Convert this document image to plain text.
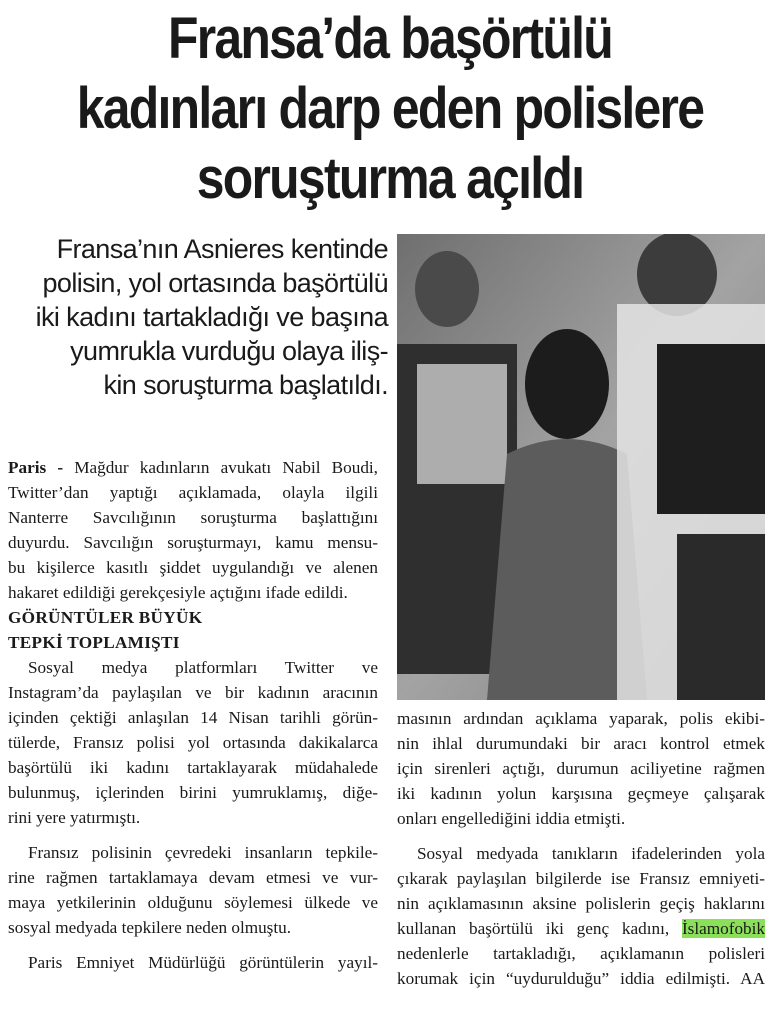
Fransa’da başörtülü
kadınları darp eden polislere
soruşturma açıldı
Fransa’nın Asnieres kentinde
polisin, yol ortasında başörtülü
iki kadını tartakladığı ve başına
yumrukla vurduğu olaya iliş-
kin soruşturma başlatıldı.
Paris - Mağdur kadınların avukatı Nabil Boudi,
Twitter’dan yaptığı açıklamada, olayla ilgili
Nanterre Savcılığının soruşturma başlattığını
duyurdu. Savcılığın soruşturmayı, kamu mensu-
bu kişilerce kasıtlı şiddet uygulandığı ve alenen
hakaret edildiği gerekçesiyle açtığını ifade edildi.
GÖRÜNTÜLER BÜYÜK
TEPKİ TOPLAMIŞTI
Sosyal medya platformları Twitter ve
Instagram’da paylaşılan ve bir kadının aracının
içinden çektiği anlaşılan 14 Nisan tarihli görün-
tülerde, Fransız polisi yol ortasında dakikalarca
başörtülü iki kadını tartaklayarak müdahalede
bulunmuş, içlerinden birini yumruklamış, diğe-
rini yere yatırmıştı.
Fransız polisinin çevredeki insanların tepkile-
rine rağmen tartaklamaya devam etmesi ve vur-
maya yetkilerinin olduğunu söylemesi ülkede ve
sosyal medyada tepkilere neden olmuştu.
Paris Emniyet Müdürlüğü görüntülerin yayıl-
masının ardından açıklama yaparak, polis ekibi-
nin ihlal durumundaki bir aracı kontrol etmek
için sirenleri açtığı, durumun aciliyetine rağmen
iki kadının yolun karşısına geçmeye çalışarak
onları engellediğini iddia etmişti.
Sosyal medyada tanıkların ifadelerinden yola
çıkarak paylaşılan bilgilerde ise Fransız emniyeti-
nin açıklamasının aksine polislerin geçiş haklarını
kullanan başörtülü iki genç kadını, İslamofobik
nedenlerle tartakladığı, açıklamanın polisleri
korumak için “uydurulduğu” iddia edilmişti. AA
